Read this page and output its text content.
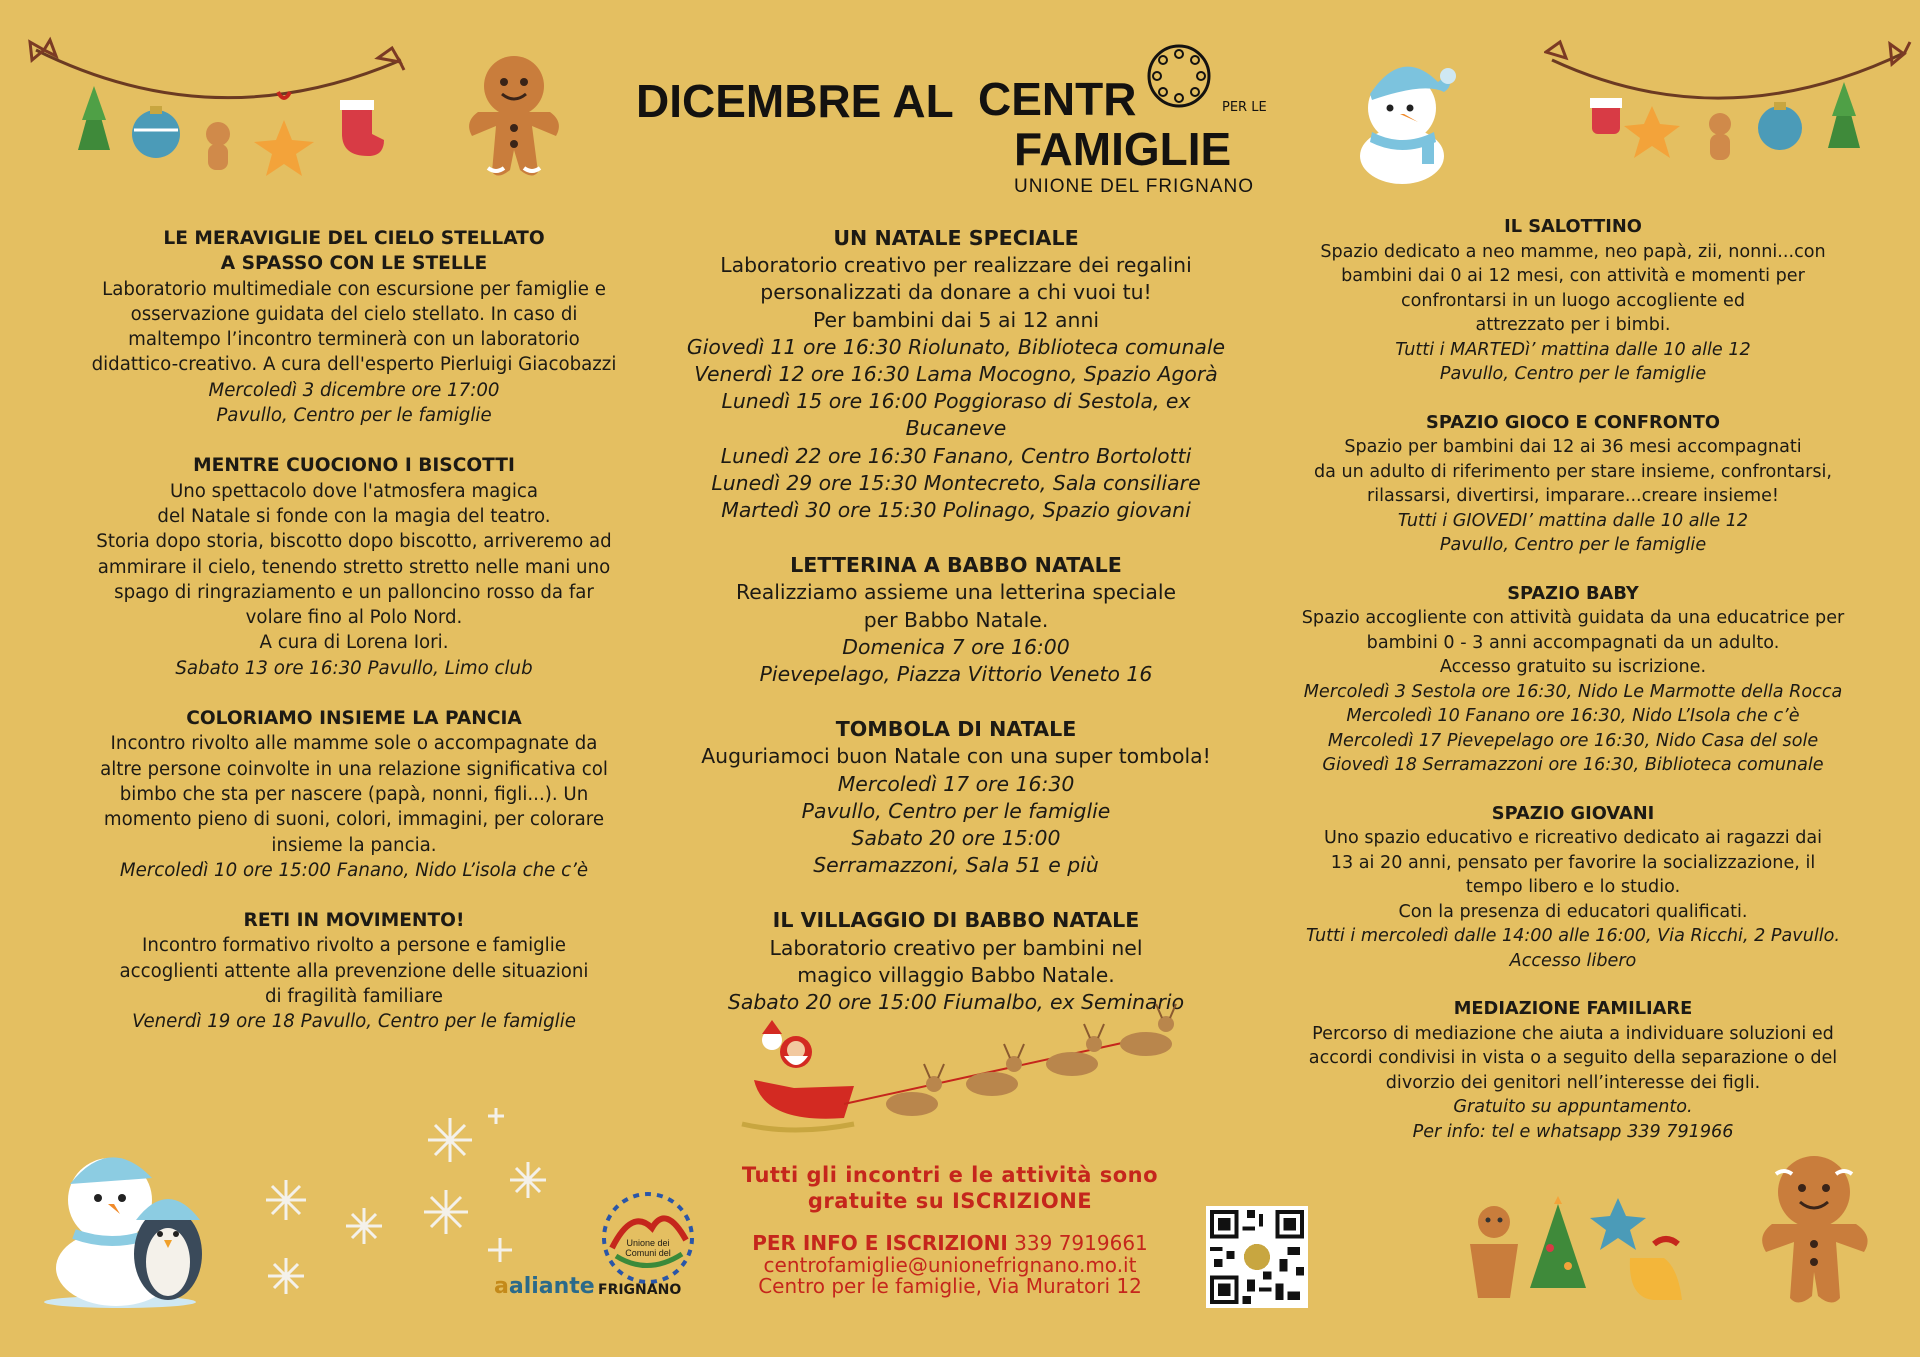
DICEMBRE AL CENTR	PER LE
FAMIGLIE
UNIONE DEL FRIGNANO
LE MERAVIGLIE DEL CIELO STELLATO
A SPASSO CON LE STELLE
Laboratorio multimediale con escursione per famiglie e
osservazione guidata del cielo stellato. In caso di
maltempo l’incontro terminerà con un laboratorio
didattico-creativo. A cura dell'esperto Pierluigi Giacobazzi
Mercoledì 3 dicembre ore 17:00
Pavullo, Centro per le famiglie
MENTRE CUOCIONO I BISCOTTI
Uno spettacolo dove l'atmosfera magica
del Natale si fonde con la magia del teatro.
Storia dopo storia, biscotto dopo biscotto, arriveremo ad
ammirare il cielo, tenendo stretto stretto nelle mani uno
spago di ringraziamento e un palloncino rosso da far
volare fino al Polo Nord.
A cura di Lorena Iori.
Sabato 13 ore 16:30 Pavullo, Limo club
COLORIAMO INSIEME LA PANCIA
Incontro rivolto alle mamme sole o accompagnate da
altre persone coinvolte in una relazione significativa col
bimbo che sta per nascere (papà, nonni, figli...). Un
momento pieno di suoni, colori, immagini, per colorare
insieme la pancia.
Mercoledì 10 ore 15:00 Fanano, Nido L’isola che c’è
RETI IN MOVIMENTO!
Incontro formativo rivolto a persone e famiglie
accoglienti attente alla prevenzione delle situazioni
di fragilità familiare
Venerdì 19 ore 18 Pavullo, Centro per le famiglie
UN NATALE SPECIALE
Laboratorio creativo per realizzare dei regalini
personalizzati da donare a chi vuoi tu!
Per bambini dai 5 ai 12 anni
Giovedì 11 ore 16:30 Riolunato, Biblioteca comunale
Venerdì 12 ore 16:30 Lama Mocogno, Spazio Agorà
Lunedì 15 ore 16:00 Poggioraso di Sestola, ex Bucaneve
Lunedì 22 ore 16:30 Fanano, Centro Bortolotti
Lunedì 29 ore 15:30 Montecreto, Sala consiliare
Martedì 30 ore 15:30 Polinago, Spazio giovani
LETTERINA A BABBO NATALE
Realizziamo assieme una letterina speciale
per Babbo Natale.
Domenica 7 ore 16:00
Pievepelago, Piazza Vittorio Veneto 16
TOMBOLA DI NATALE
Auguriamoci buon Natale con una super tombola!
Mercoledì 17 ore 16:30
Pavullo, Centro per le famiglie
Sabato 20 ore 15:00
Serramazzoni, Sala 51 e più
IL VILLAGGIO DI BABBO NATALE
Laboratorio creativo per bambini nel
magico villaggio Babbo Natale.
Sabato 20 ore 15:00 Fiumalbo, ex Seminario
IL SALOTTINO
Spazio dedicato a neo mamme, neo papà, zii, nonni...con
bambini dai 0 ai 12 mesi, con attività e momenti per
confrontarsi in un luogo accogliente ed
attrezzato per i bimbi.
Tutti i MARTEDì’ mattina dalle 10 alle 12
Pavullo, Centro per le famiglie
SPAZIO GIOCO E CONFRONTO
Spazio per bambini dai 12 ai 36 mesi accompagnati
da un adulto di riferimento per stare insieme, confrontarsi,
rilassarsi, divertirsi, imparare...creare insieme!
Tutti i GIOVEDI’ mattina dalle 10 alle 12
Pavullo, Centro per le famiglie
SPAZIO BABY
Spazio accogliente con attività guidata da una educatrice per
bambini 0 - 3 anni accompagnati da un adulto.
Accesso gratuito su iscrizione.
Mercoledì 3 Sestola ore 16:30, Nido Le Marmotte della Rocca
Mercoledì 10 Fanano ore 16:30, Nido L’Isola che c’è
Mercoledì 17 Pievepelago ore 16:30, Nido Casa del sole
Giovedì 18 Serramazzoni ore 16:30, Biblioteca comunale
SPAZIO GIOVANI
Uno spazio educativo e ricreativo dedicato ai ragazzi dai
13 ai 20 anni, pensato per favorire la socializzazione, il
tempo libero e lo studio.
Con la presenza di educatori qualificati.
Tutti i mercoledì dalle 14:00 alle 16:00, Via Ricchi, 2 Pavullo.
Accesso libero
MEDIAZIONE FAMILIARE
Percorso di mediazione che aiuta a individuare soluzioni ed
accordi condivisi in vista o a seguito della separazione o del
divorzio dei genitori nell’interesse dei figli.
Gratuito su appuntamento.
Per info: tel e whatsapp 339 791966
aaliante
Unione dei
Comuni del
FRIGNANO
Tutti gli incontri e le attività sono
gratuite su ISCRIZIONE
PER INFO E ISCRIZIONI 339 7919661
centrofamiglie@unionefrignano.mo.it
Centro per le famiglie, Via Muratori 12
